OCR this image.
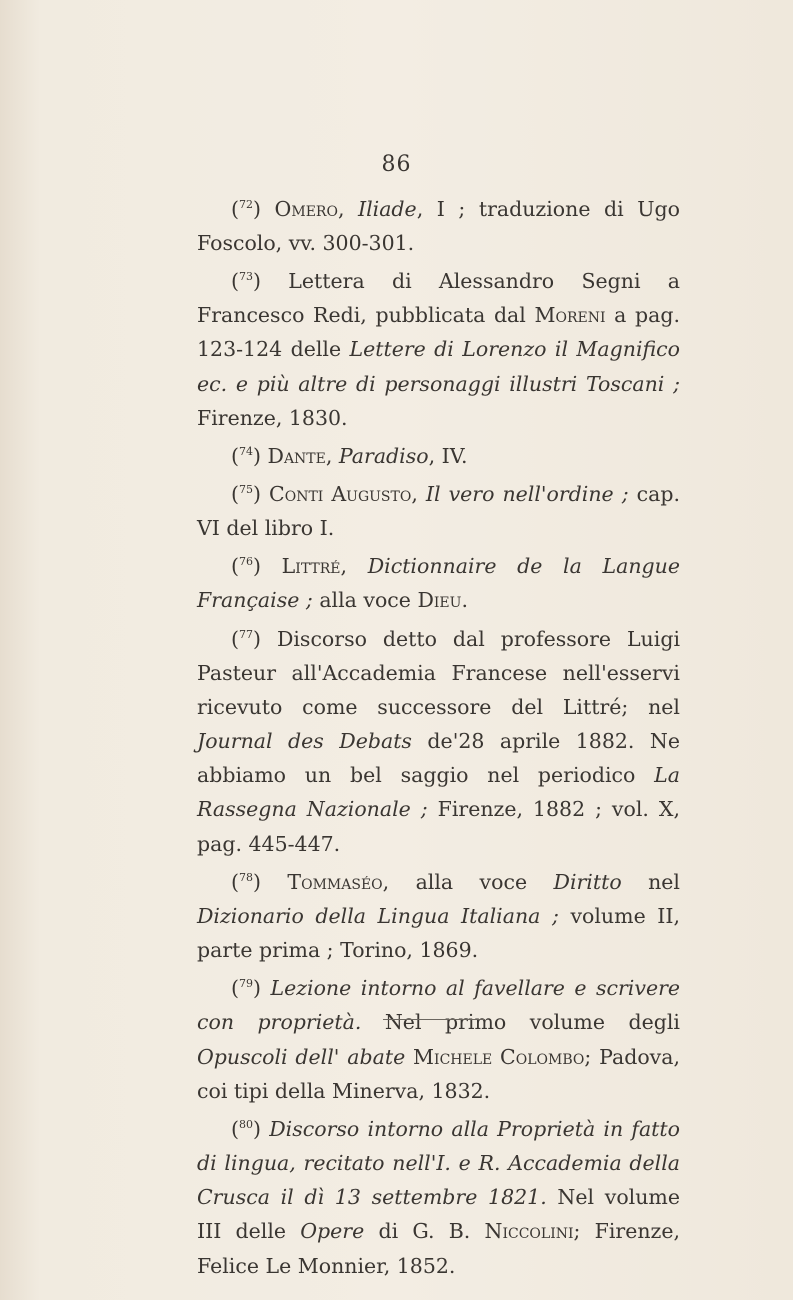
86

($^{72}$) Omero, Iliade, I ; traduzione di Ugo Foscolo, vv. 300-301.

($^{73}$) Lettera di Alessandro Segni a Francesco Redi, pubblicata dal Moreni a pag. 123-124 delle Lettere di Lorenzo il Magnifico ec. e più altre di personaggi illustri Toscani ; Firenze, 1830.

($^{74}$) Dante, Paradiso, IV.

($^{75}$) Conti Augusto, Il vero nell'ordine ; cap. VI del libro I.

($^{76}$) Littré, Dictionnaire de la Langue Française ; alla voce Dieu.

($^{77}$) Discorso detto dal professore Luigi Pasteur all'Accademia Francese nell'esservi ricevuto come successore del Littré; nel Journal des Debats de'28 aprile 1882. Ne abbiamo un bel saggio nel periodico La Rassegna Nazionale ; Firenze, 1882 ; vol. X, pag. 445-447.

($^{78}$) Tommaséo, alla voce Diritto nel Dizionario della Lingua Italiana ; volume II, parte prima ; Torino, 1869.

($^{79}$) Lezione intorno al favellare e scrivere con proprietà. Nel primo volume degli Opuscoli dell' abate Michele Colombo; Padova, coi tipi della Minerva, 1832.

($^{80}$) Discorso intorno alla Proprietà in fatto di lingua, recitato nell'I. e R. Accademia della Crusca il dì 13 settembre 1821. Nel volume III delle Opere di G. B. Niccolini; Firenze, Felice Le Monnier, 1852.
